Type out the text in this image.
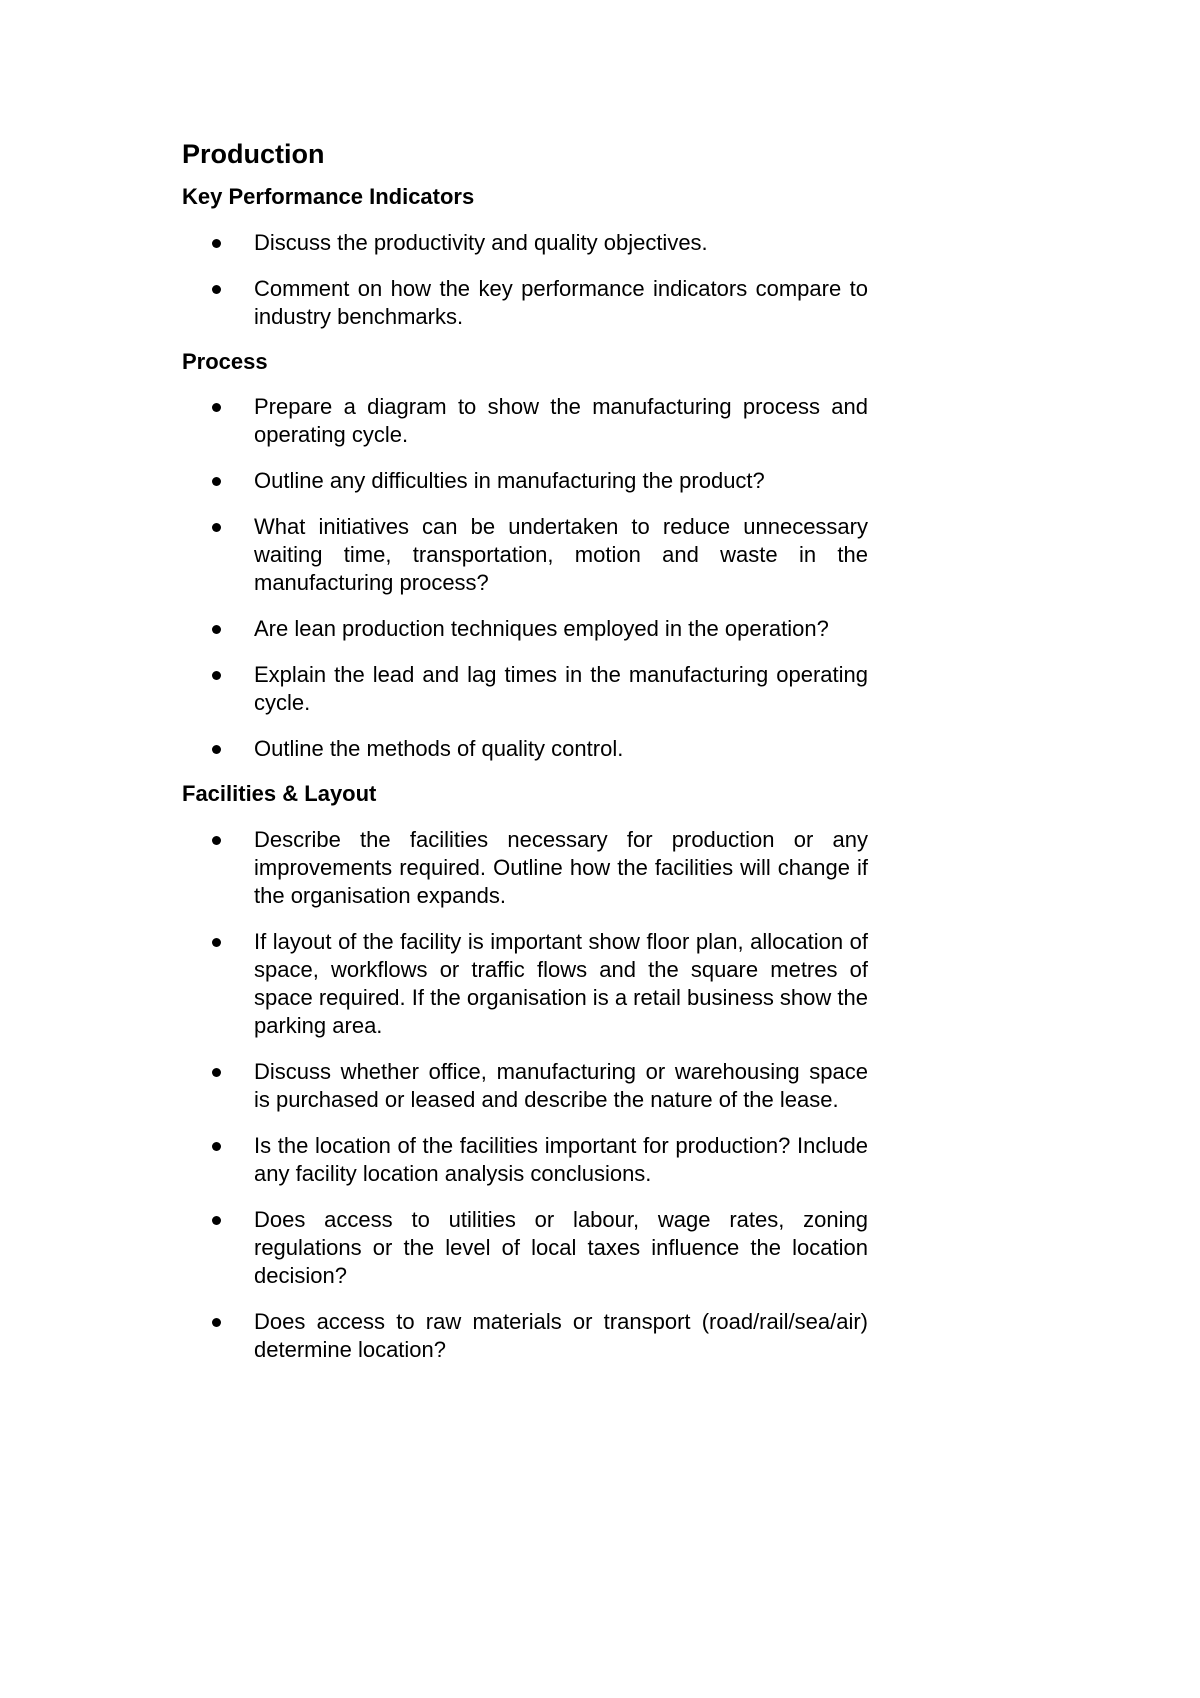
Production
Key Performance Indicators
Discuss the productivity and quality objectives.
Comment on how the key performance indicators compare to industry benchmarks.
Process
Prepare a diagram to show the manufacturing process and operating cycle.
Outline any difficulties in manufacturing the product?
What initiatives can be undertaken to reduce unnecessary waiting time, transportation, motion and waste in the manufacturing process?
Are lean production techniques employed in the operation?
Explain the lead and lag times in the manufacturing operating cycle.
Outline the methods of quality control.
Facilities & Layout
Describe the facilities necessary for production or any improvements required. Outline how the facilities will change if the organisation expands.
If layout of the facility is important show floor plan, allocation of space, workflows or traffic flows and the square metres of space required. If the organisation is a retail business show the parking area.
Discuss whether office, manufacturing or warehousing space is purchased or leased and describe the nature of the lease.
Is the location of the facilities important for production? Include any facility location analysis conclusions.
Does access to utilities or labour, wage rates, zoning regulations or the level of local taxes influence the location decision?
Does access to raw materials or transport (road/rail/sea/air) determine location?
